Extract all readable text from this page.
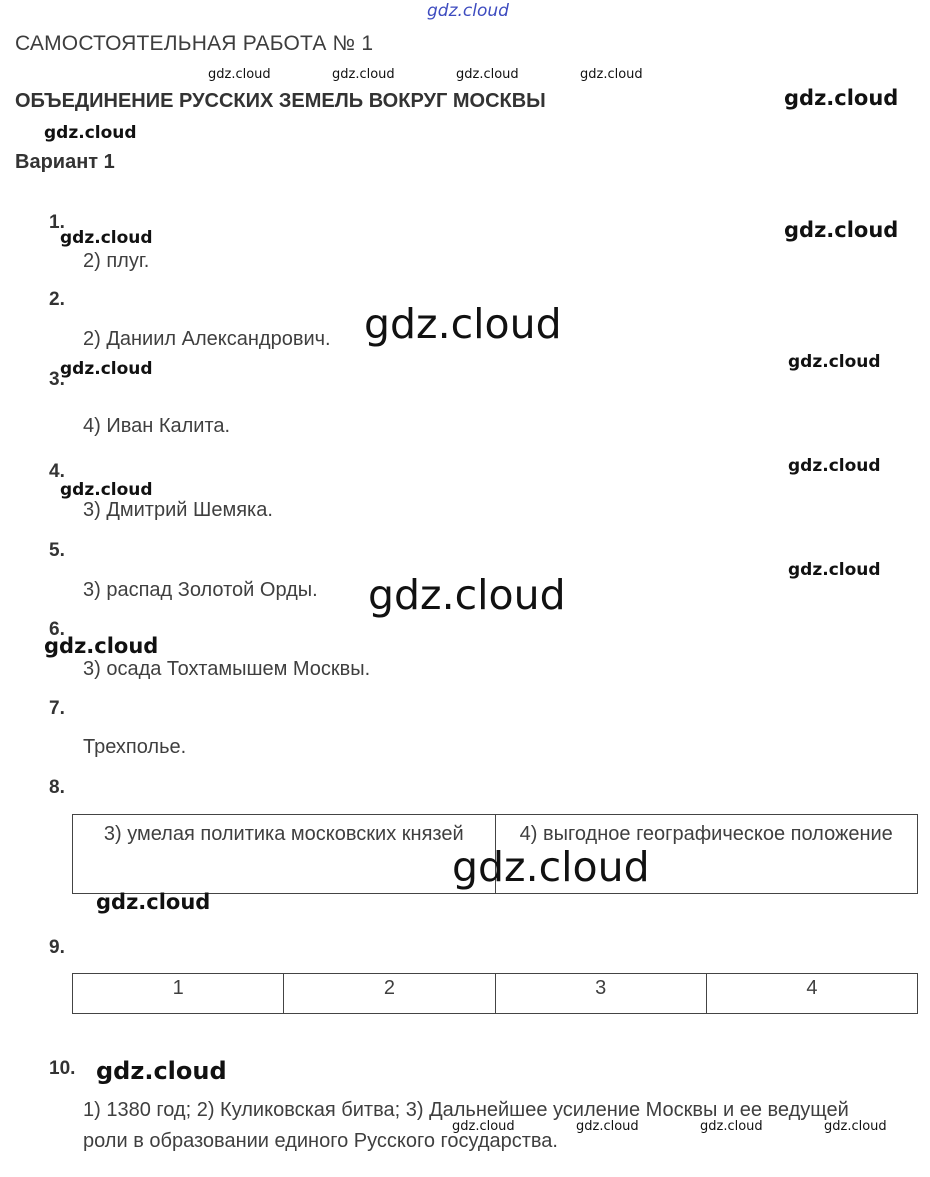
gdz.cloud
gdz.cloud	gdz.cloud	gdz.cloud	gdz.cloud
gdz.cloud
gdz.cloud
gdz.cloud	gdz.cloud
gdz.cloud
gdz.cloud
gdz.cloud
gdz.cloud
gdz.cloud
gdz.cloud
gdz.cloud
gdz.cloud
САМОСТОЯТЕЛЬНАЯ РАБОТА № 1
ОБЪЕДИНЕНИЕ РУССКИХ ЗЕМЕЛЬ ВОКРУГ МОСКВЫ
Вариант 1
1.
2) плуг.
2.
2) Даниил Александрович.
3.
4) Иван Калита.
4.
3) Дмитрий Шемяка.
5.
3) распад Золотой Орды.
6.
3) осада Тохтамышем Москвы.
7.
Трехполье.
8.
3) умелая политика московских князей	4) выгодное географическое положение
gdz.cloud
gdz.cloud
9.
1	2	3	4
10. gdz.cloud
1) 1380 год; 2) Куликовская битва; 3) Дальнейшее усиление Москвы и ее ведущей роли в образовании единого Русского государства.
gdz.cloud	gdz.cloud	gdz.cloud	gdz.cloud
